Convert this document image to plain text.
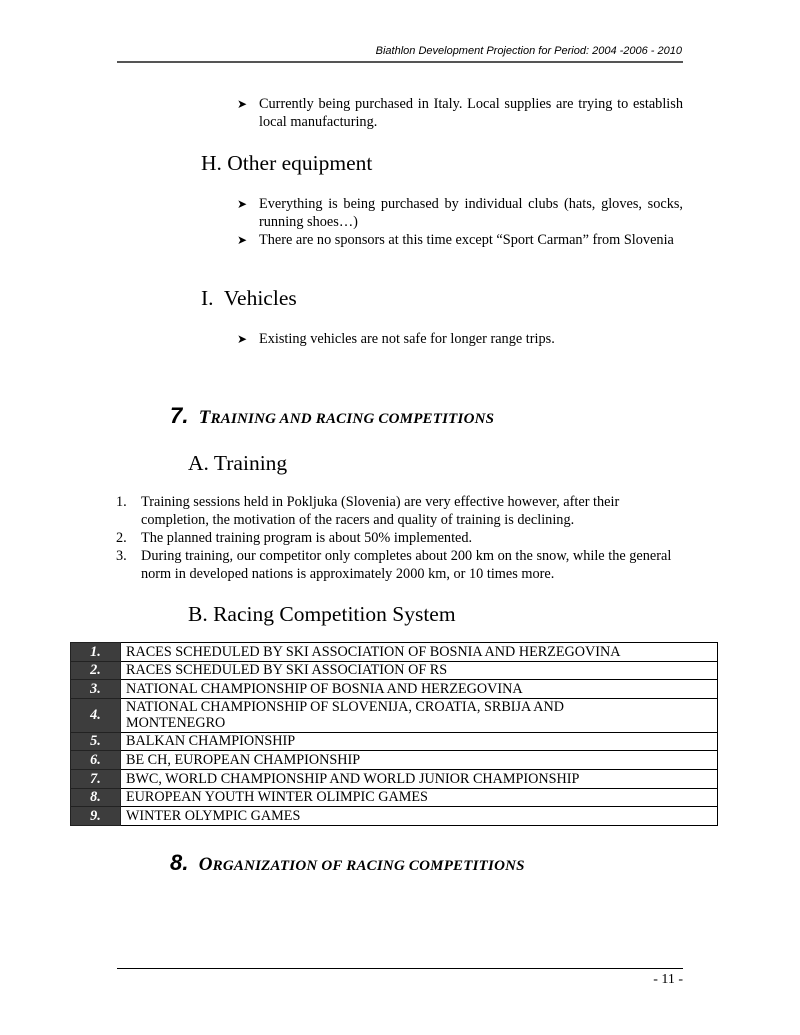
Biathlon Development Projection for Period: 2004 -2006 - 2010
➤ Currently being purchased in Italy. Local supplies are trying to establish local manufacturing.
H. Other equipment
➤ Everything is being purchased by individual clubs (hats, gloves, socks, running shoes…)
➤ There are no sponsors at this time except “Sport Carman” from Slovenia
I.  Vehicles
➤ Existing vehicles are not safe for longer range trips.
7. TRAINING AND RACING COMPETITIONS
A. Training
1. Training sessions held in Pokljuka (Slovenia) are very effective however, after their completion, the motivation of the racers and quality of training is declining.
2. The planned training program is about 50% implemented.
3. During training, our competitor only completes about 200 km on the snow, while the general norm in developed nations is approximately 2000 km, or 10 times more.
B. Racing Competition System
1.	RACES SCHEDULED BY SKI ASSOCIATION OF BOSNIA AND HERZEGOVINA
2.	RACES SCHEDULED BY SKI ASSOCIATION OF RS
3.	NATIONAL CHAMPIONSHIP OF BOSNIA AND HERZEGOVINA
4.	NATIONAL CHAMPIONSHIP OF SLOVENIJA, CROATIA, SRBIJA AND
MONTENEGRO

5.	BALKAN CHAMPIONSHIP
6.	BE CH, EUROPEAN CHAMPIONSHIP
7.	BWC, WORLD CHAMPIONSHIP AND WORLD JUNIOR CHAMPIONSHIP
8.	EUROPEAN YOUTH WINTER OLIMPIC GAMES
9.	WINTER OLYMPIC GAMES
8. ORGANIZATION OF RACING COMPETITIONS
- 11 -
